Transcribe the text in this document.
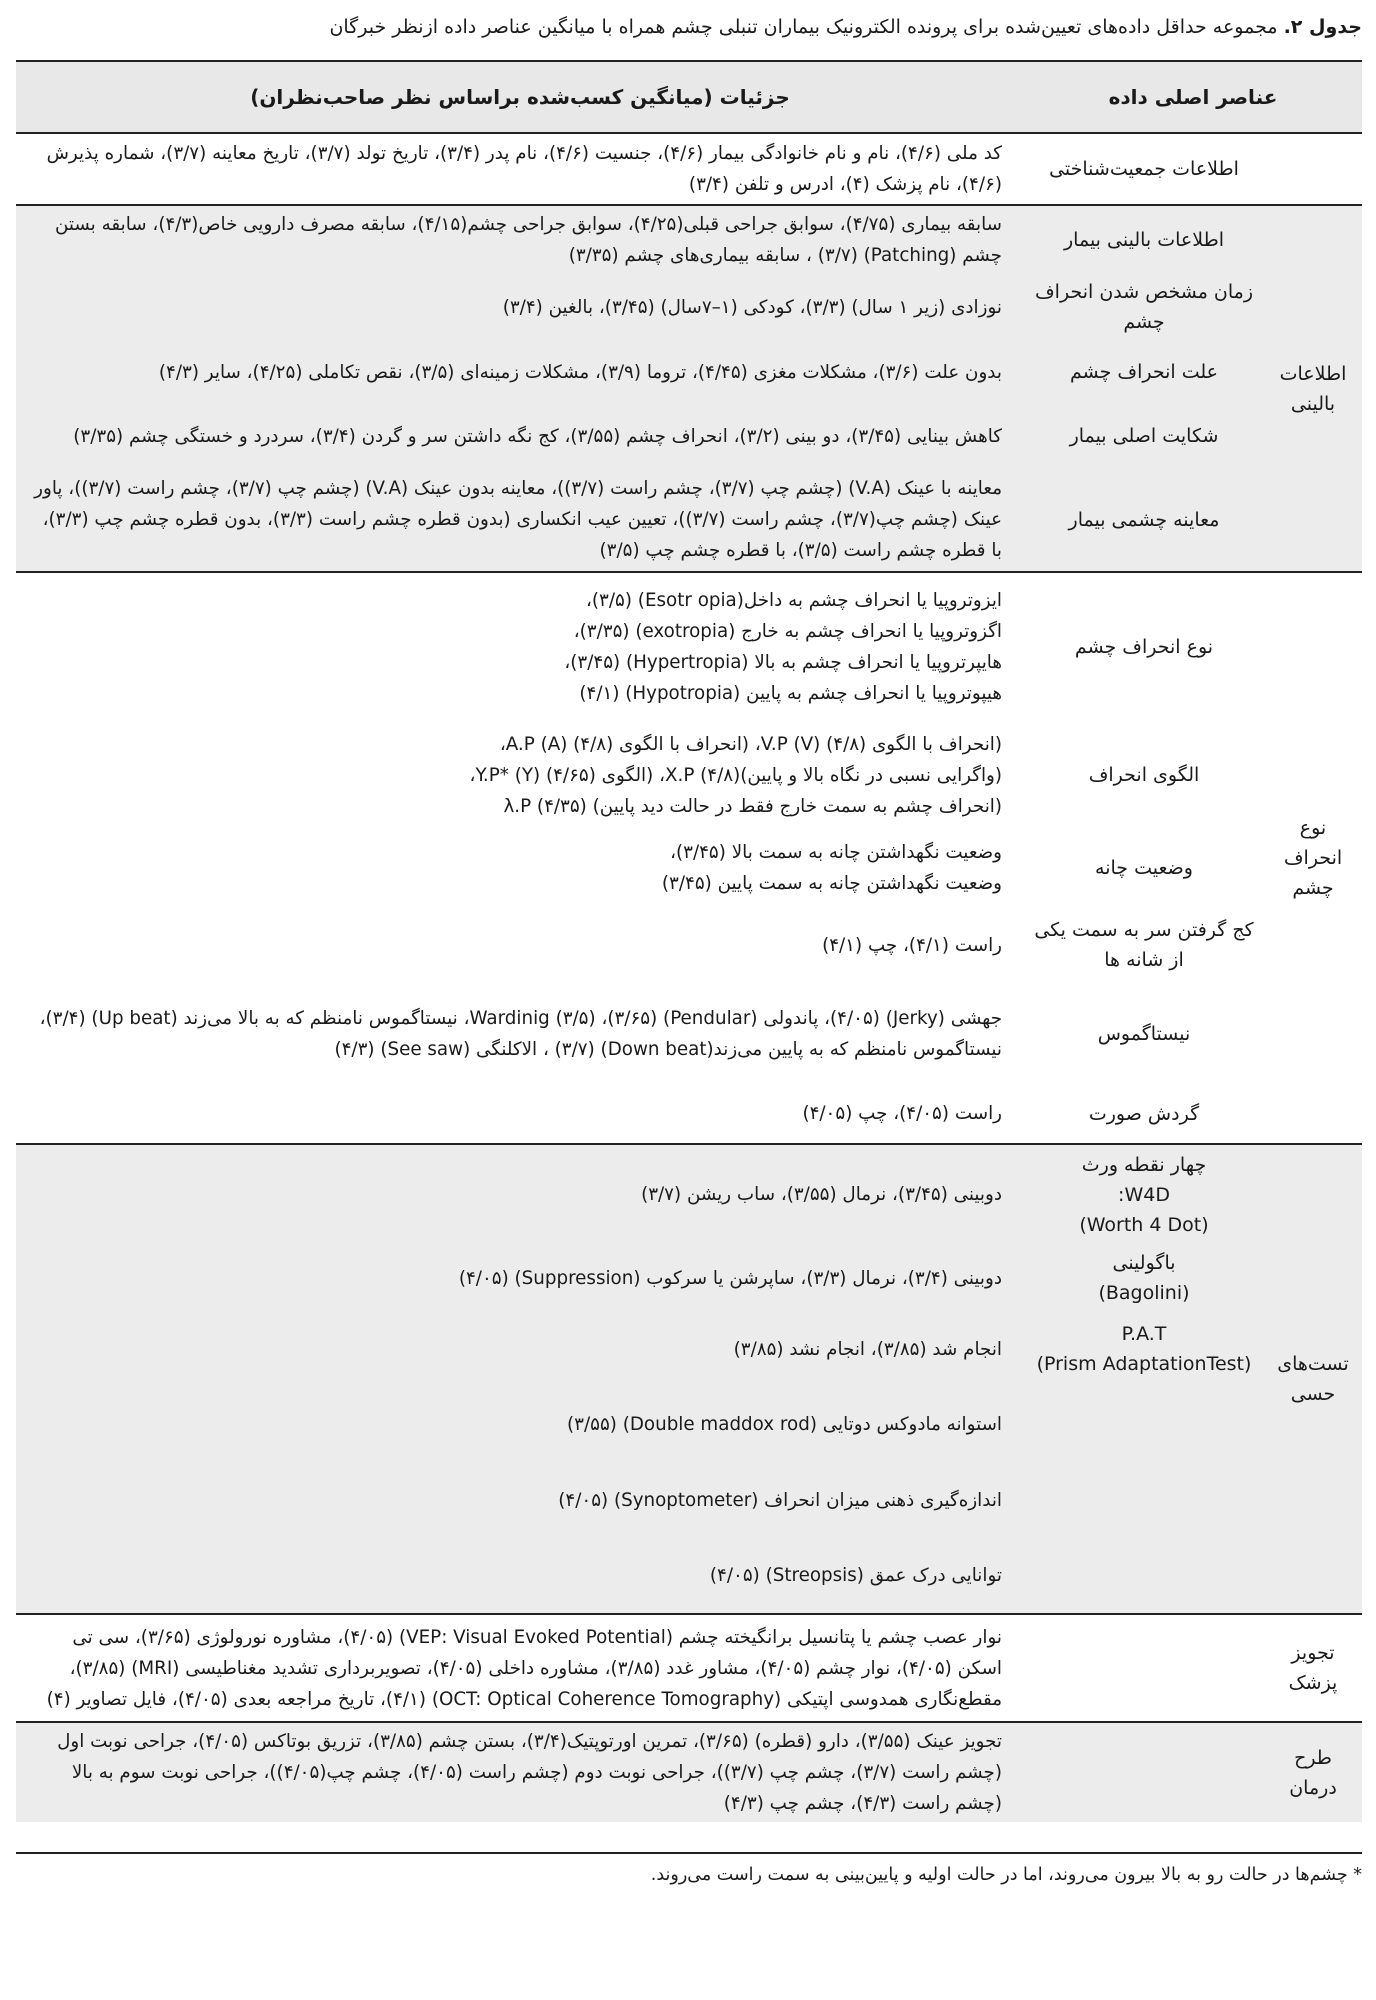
جدول ۲. مجموعه حداقل داده‌های تعیین‌شده برای پرونده الکترونیک بیماران تنبلی چشم همراه با میانگین عناصر داده ازنظر خبرگان
عناصر اصلی داده		جزئیات (میانگین کسب‌شده براساس نظر صاحب‌نظران)
	اطلاعات جمعیت‌شناختی	کد ملی (۴/۶)، نام و نام خانوادگی بیمار (۴/۶)، جنسیت (۴/۶)، نام پدر (۳/۴)، تاریخ تولد (۳/۷)، تاریخ معاینه (۳/۷)، شماره پذیرش (۴/۶)، نام پزشک (۴)، ادرس و تلفن (۳/۴)
اطلاعات بالینی	اطلاعات بالینی بیمار	سابقه بیماری (۴/۷۵)، سوابق جراحی قبلی(۴/۲۵)، سوابق جراحی چشم(۴/۱۵)، سابقه مصرف دارویی خاص(۴/۳)، سابقه بستن چشم (Patching) (۳/۷) ، سابقه بیماری‌های چشم (۳/۳۵)
	زمان مشخص شدن انحراف چشم	نوزادی (زیر ۱ سال) (۳/۳)، کودکی (۱–۷سال) (۳/۴۵)، بالغین (۳/۴)
	علت انحراف چشم	بدون علت (۳/۶)، مشکلات مغزی (۴/۴۵)، تروما (۳/۹)، مشکلات زمینه‌ای (۳/۵)، نقص تکاملی (۴/۲۵)، سایر (۴/۳)
	شکایت اصلی بیمار	کاهش بینایی (۳/۴۵)، دو بینی (۳/۲)، انحراف چشم (۳/۵۵)، کج نگه داشتن سر و گردن (۳/۴)، سردرد و خستگی چشم (۳/۳۵)
	معاینه چشمی بیمار	معاینه با عینک (V.A) (چشم چپ (۳/۷)، چشم راست (۳/۷))، معاینه بدون عینک (V.A) (چشم چپ (۳/۷)، چشم راست (۳/۷))، پاور عینک (چشم چپ(۳/۷)، چشم راست (۳/۷))، تعیین عیب انکساری (بدون قطره چشم راست (۳/۳)، بدون قطره چشم چپ (۳/۳)، با قطره چشم راست (۳/۵)، با قطره چشم چپ (۳/۵)
نوع انحراف چشم	نوع انحراف چشم	ایزوتروپیا یا انحراف چشم به داخل(Esotr opia) (۳/۵)،
اگزوتروپیا یا انحراف چشم به خارج (exotropia) (۳/۳۵)،
هایپرتروپیا یا انحراف چشم به بالا (Hypertropia) (۳/۴۵)،
هیپوتروپیا یا انحراف چشم به پایین (Hypotropia) (۴/۱)
	الگوی انحراف	(انحراف با الگوی V.P (V) (۴/۸)، (انحراف با الگوی A.P (A) (۴/۸)،
(واگرایی نسبی در نگاه بالا و پایین)X.P (۴/۸)، (الگوی Y.P* (Y) (۴/۶۵)،
(انحراف چشم به سمت خارج فقط در حالت دید پایین) λ.P (۴/۳۵)
	وضعیت چانه	وضعیت نگهداشتن چانه به سمت بالا (۳/۴۵)،
وضعیت نگهداشتن چانه به سمت پایین (۳/۴۵)
	کج گرفتن سر به سمت یکی از شانه ها	راست (۴/۱)، چپ (۴/۱)
	نیستاگموس	جهشی (Jerky) (۴/۰۵)، پاندولی (Pendular) (۳/۶۵)، Wardinig (۳/۵)، نیستاگموس نامنظم که به بالا می‌زند (Up beat) (۳/۴)، نیستاگموس نامنظم که به پایین می‌زند(Down beat) (۳/۷) ، الاکلنگی (See saw) (۴/۳)
	گردش صورت	راست (۴/۰۵)، چپ (۴/۰۵)
تست‌های حسی	چهار نقطه ورث
W4D:
(Worth 4 Dot)	دوبینی (۳/۴۵)، نرمال (۳/۵۵)، ساب ریشن (۳/۷)
	باگولینی
(Bagolini)	دوبینی (۳/۴)، نرمال (۳/۳)، ساپرشن یا سرکوب (Suppression) (۴/۰۵)
	P.A.T
(Prism AdaptationTest)	انجام شد (۳/۸۵)، انجام نشد (۳/۸۵)
		استوانه مادوکس دوتایی (Double maddox rod) (۳/۵۵)
		اندازه‌گیری ذهنی میزان انحراف (Synoptometer) (۴/۰۵)
		توانایی درک عمق (Streopsis) (۴/۰۵)
تجویز پزشک		نوار عصب چشم یا پتانسیل برانگیخته چشم (VEP: Visual Evoked Potential) (۴/۰۵)، مشاوره نورولوژی (۳/۶۵)، سی تی اسکن (۴/۰۵)، نوار چشم (۴/۰۵)، مشاور غدد (۳/۸۵)، مشاوره داخلی (۴/۰۵)، تصویربرداری تشدید مغناطیسی (MRI) (۳/۸۵)، مقطع‌نگاری همدوسی اپتیکی (OCT: Optical Coherence Tomography) (۴/۱)، تاریخ مراجعه بعدی (۴/۰۵)، فایل تصاویر (۴)
طرح درمان		تجویز عینک (۳/۵۵)، دارو (قطره) (۳/۶۵)، تمرین اورتوپتیک(۳/۴)، بستن چشم (۳/۸۵)، تزریق بوتاکس (۴/۰۵)، جراحی نوبت اول (چشم راست (۳/۷)، چشم چپ (۳/۷))، جراحی نوبت دوم (چشم راست (۴/۰۵)، چشم چپ(۴/۰۵))، جراحی نوبت سوم به بالا (چشم راست (۴/۳)، چشم چپ (۴/۳)
* چشم‌ها در حالت رو به بالا بیرون می‌روند، اما در حالت اولیه و پایین‌بینی به سمت راست می‌روند.
